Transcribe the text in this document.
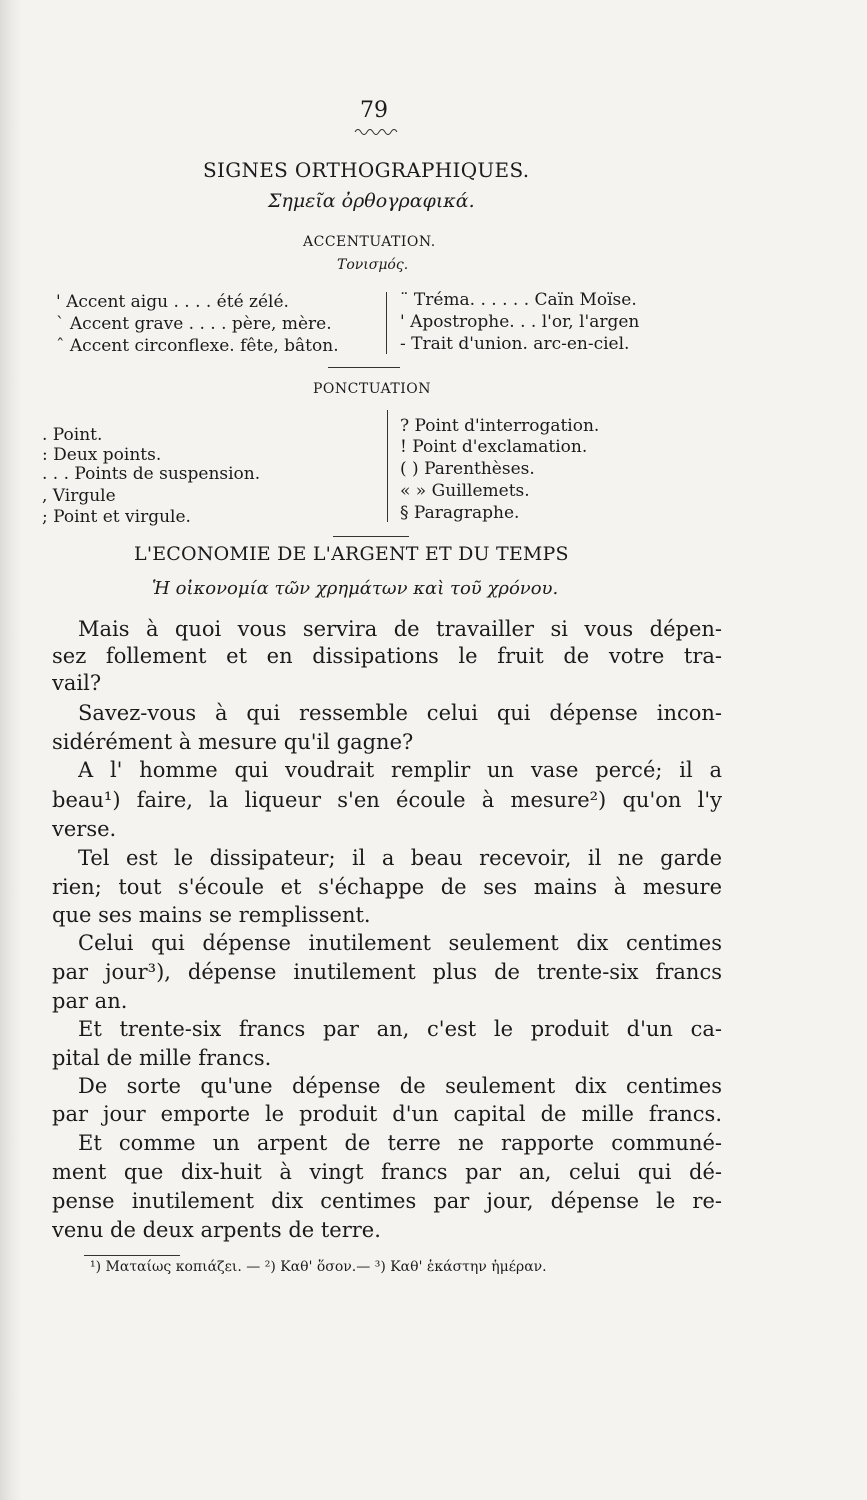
79
SIGNES ORTHOGRAPHIQUES.
Σημεῖα ὀρθογραφικά.
ACCENTUATION.
Τονισμός.
' Accent aigu . . . . été zélé.
` Accent grave . . . . père, mère.
ˆ Accent circonflexe. fête, bâton.
¨ Tréma. . . . . . Caïn Moïse.
' Apostrophe. . . l'or, l'argen
- Trait d'union. arc-en-ciel.
PONCTUATION
. Point.
: Deux points.
. . . Points de suspension.
, Virgule
; Point et virgule.
? Point d'interrogation.
! Point d'exclamation.
( ) Parenthèses.
« » Guillemets.
§ Paragraphe.
L'ECONOMIE DE L'ARGENT ET DU TEMPS
Ἡ οἰκονομία τῶν χρημάτων καὶ τοῦ χρόνου.
Mais à quoi vous servira de travailler si vous dépen-
sez follement et en dissipations le fruit de votre tra-
vail?
Savez-vous à qui ressemble celui qui dépense incon-
sidérément à mesure qu'il gagne?
A l' homme qui voudrait remplir un vase percé; il a
beau¹) faire, la liqueur s'en écoule à mesure²) qu'on l'y
verse.
Tel est le dissipateur; il a beau recevoir, il ne garde
rien; tout s'écoule et s'échappe de ses mains à mesure
que ses mains se remplissent.
Celui qui dépense inutilement seulement dix centimes
par jour³), dépense inutilement plus de trente-six francs
par an.
Et trente-six francs par an, c'est le produit d'un ca-
pital de mille francs.
De sorte qu'une dépense de seulement dix centimes
par jour emporte le produit d'un capital de mille francs.
Et comme un arpent de terre ne rapporte communé-
ment que dix-huit à vingt francs par an, celui qui dé-
pense inutilement dix centimes par jour, dépense le re-
venu de deux arpents de terre.
¹) Ματαίως κοπιάζει. — ²) Καθ' ὅσον.— ³) Καθ' ἑκάστην ἡμέραν.
